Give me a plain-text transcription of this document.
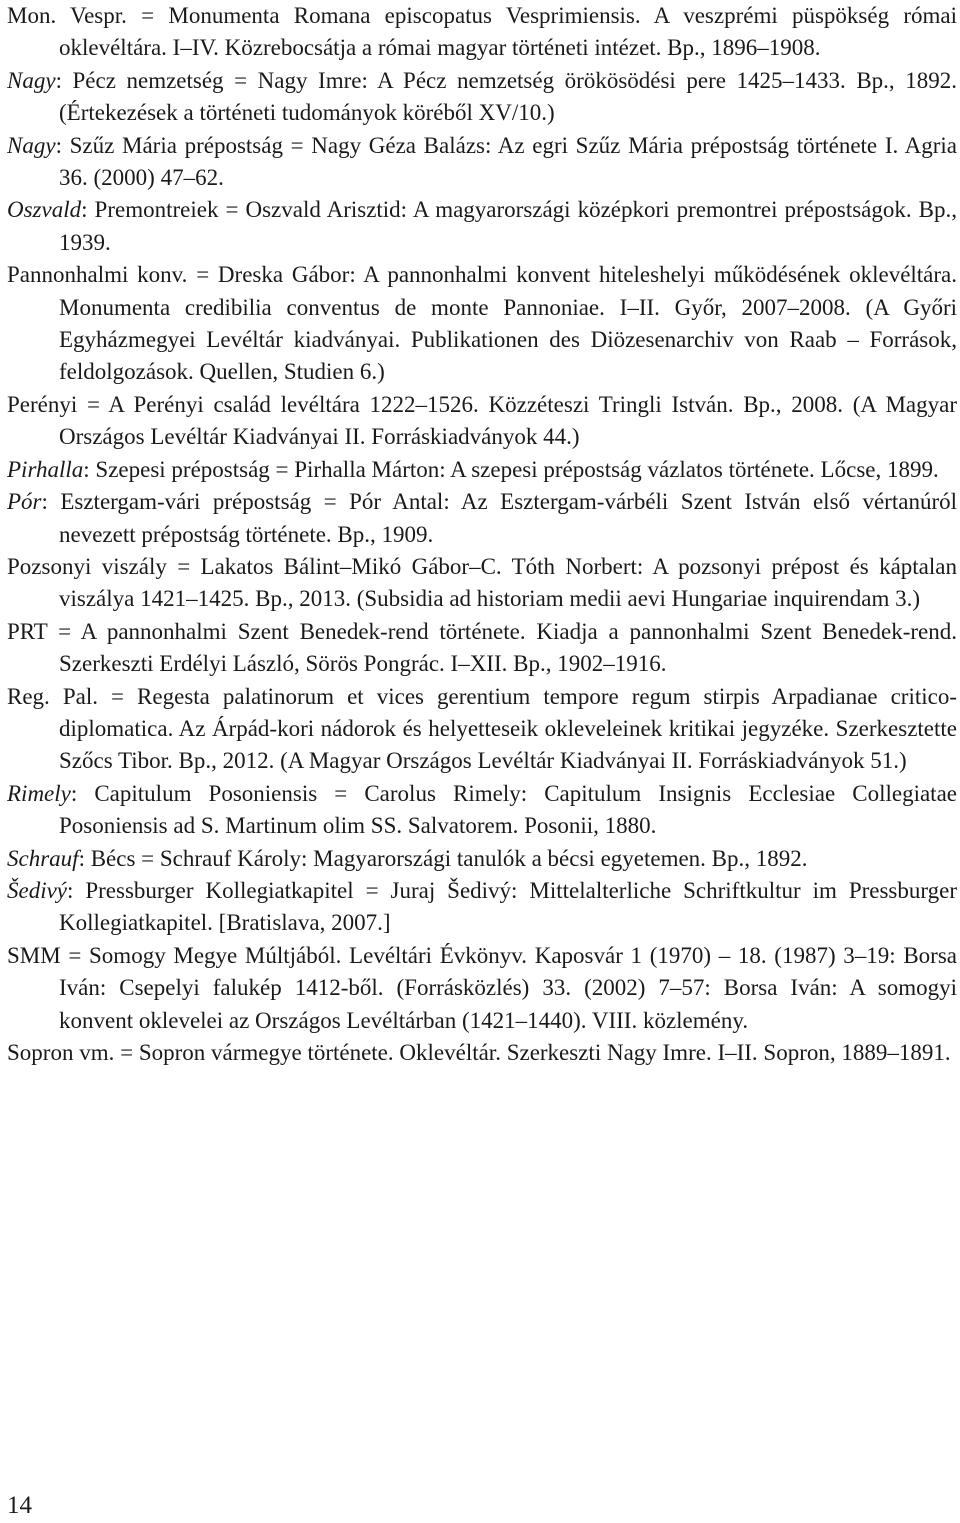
Mon. Vespr. = Monumenta Romana episcopatus Vesprimiensis. A veszprémi püspökség római oklevéltára. I–IV. Közrebocsátja a római magyar történeti intézet. Bp., 1896–1908.

Nagy: Pécz nemzetség = Nagy Imre: A Pécz nemzetség örökösödési pere 1425–1433. Bp., 1892. (Értekezések a történeti tudományok köréből XV/10.)

Nagy: Szűz Mária prépostság = Nagy Géza Balázs: Az egri Szűz Mária prépostság története I. Agria 36. (2000) 47–62.

Oszvald: Premontreiek = Oszvald Arisztid: A magyarországi középkori premontrei prépostságok. Bp., 1939.

Pannonhalmi konv. = Dreska Gábor: A pannonhalmi konvent hiteleshelyi működésének oklevéltára. Monumenta credibilia conventus de monte Pannoniae. I–II. Győr, 2007–2008. (A Győri Egyházmegyei Levéltár kiadványai. Publikationen des Diözesenarchiv von Raab – Források, feldolgozások. Quellen, Studien 6.)

Perényi = A Perényi család levéltára 1222–1526. Közzéteszi Tringli István. Bp., 2008. (A Magyar Országos Levéltár Kiadványai II. Forráskiadványok 44.)

Pirhalla: Szepesi prépostság = Pirhalla Márton: A szepesi prépostság vázlatos története. Lőcse, 1899.

Pór: Esztergam-vári prépostság = Pór Antal: Az Esztergam-várbéli Szent István első vértanúról nevezett prépostság története. Bp., 1909.

Pozsonyi viszály = Lakatos Bálint–Mikó Gábor–C. Tóth Norbert: A pozsonyi prépost és káptalan viszálya 1421–1425. Bp., 2013. (Subsidia ad historiam medii aevi Hungariae inquirendam 3.)

PRT = A pannonhalmi Szent Benedek-rend története. Kiadja a pannonhalmi Szent Benedek-rend. Szerkeszti Erdélyi László, Sörös Pongrác. I–XII. Bp., 1902–1916.

Reg. Pal. = Regesta palatinorum et vices gerentium tempore regum stirpis Arpadianae critico-diplomatica. Az Árpád-kori nádorok és helyetteseik okleveleinek kritikai jegyzéke. Szerkesztette Szőcs Tibor. Bp., 2012. (A Magyar Országos Levéltár Kiadványai II. Forráskiadványok 51.)

Rimely: Capitulum Posoniensis = Carolus Rimely: Capitulum Insignis Ecclesiae Collegiatae Posoniensis ad S. Martinum olim SS. Salvatorem. Posonii, 1880.

Schrauf: Bécs = Schrauf Károly: Magyarországi tanulók a bécsi egyetemen. Bp., 1892.

Šedivý: Pressburger Kollegiatkapitel = Juraj Šedivý: Mittelalterliche Schriftkultur im Pressburger Kollegiatkapitel. [Bratislava, 2007.]

SMM = Somogy Megye Múltjából. Levéltári Évkönyv. Kaposvár 1 (1970) – 18. (1987) 3–19: Borsa Iván: Csepelyi falukép 1412-ből. (Forrásközlés) 33. (2002) 7–57: Borsa Iván: A somogyi konvent oklevelei az Országos Levéltárban (1421–1440). VIII. közlemény.

Sopron vm. = Sopron vármegye története. Oklevéltár. Szerkeszti Nagy Imre. I–II. Sopron, 1889–1891.

14
